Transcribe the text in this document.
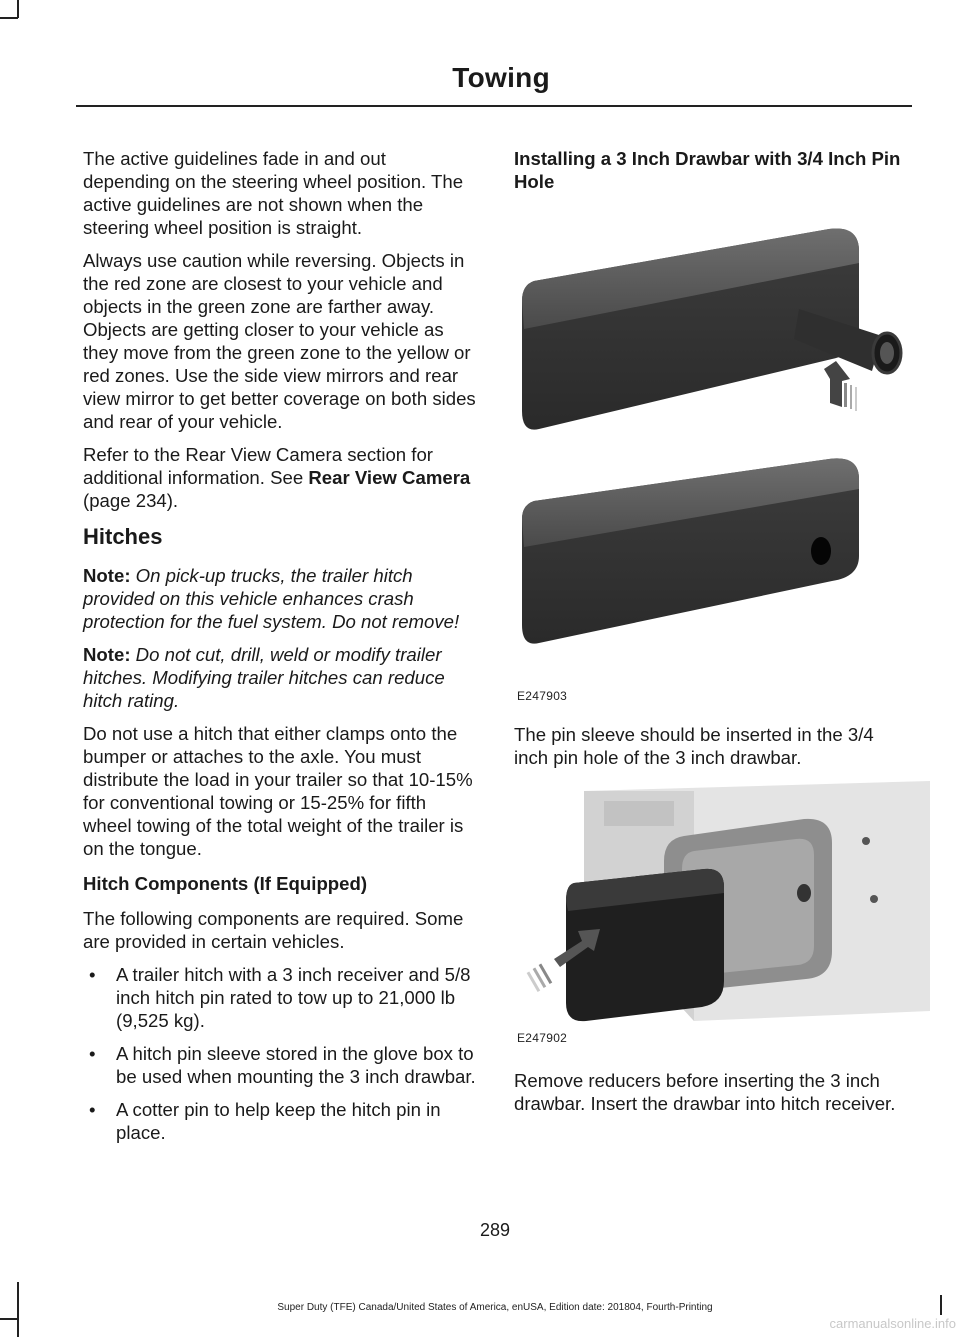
Towing

The active guidelines fade in and out depending on the steering wheel position. The active guidelines are not shown when the steering wheel position is straight.

Always use caution while reversing. Objects in the red zone are closest to your vehicle and objects in the green zone are farther away. Objects are getting closer to your vehicle as they move from the green zone to the yellow or red zones. Use the side view mirrors and rear view mirror to get better coverage on both sides and rear of your vehicle.

Refer to the Rear View Camera section for additional information. See Rear View Camera (page 234).

Hitches

Note: On pick-up trucks, the trailer hitch provided on this vehicle enhances crash protection for the fuel system. Do not remove!

Note: Do not cut, drill, weld or modify trailer hitches. Modifying trailer hitches can reduce hitch rating.

Do not use a hitch that either clamps onto the bumper or attaches to the axle. You must distribute the load in your trailer so that 10-15% for conventional towing or 15-25% for fifth wheel towing of the total weight of the trailer is on the tongue.

Hitch Components (If Equipped)

The following components are required. Some are provided in certain vehicles.

• A trailer hitch with a 3 inch receiver and 5/8 inch hitch pin rated to tow up to 21,000 lb (9,525 kg).
• A hitch pin sleeve stored in the glove box to be used when mounting the 3 inch drawbar.
• A cotter pin to help keep the hitch pin in place.
Installing a 3 Inch Drawbar with 3/4 Inch Pin Hole
E247903

The pin sleeve should be inserted in the 3/4 inch pin hole of the 3 inch drawbar.

E247902

Remove reducers before inserting the 3 inch drawbar. Insert the drawbar into hitch receiver.

289
Super Duty (TFE) Canada/United States of America, enUSA, Edition date: 201804, Fourth-Printing
carmanualsonline.info
